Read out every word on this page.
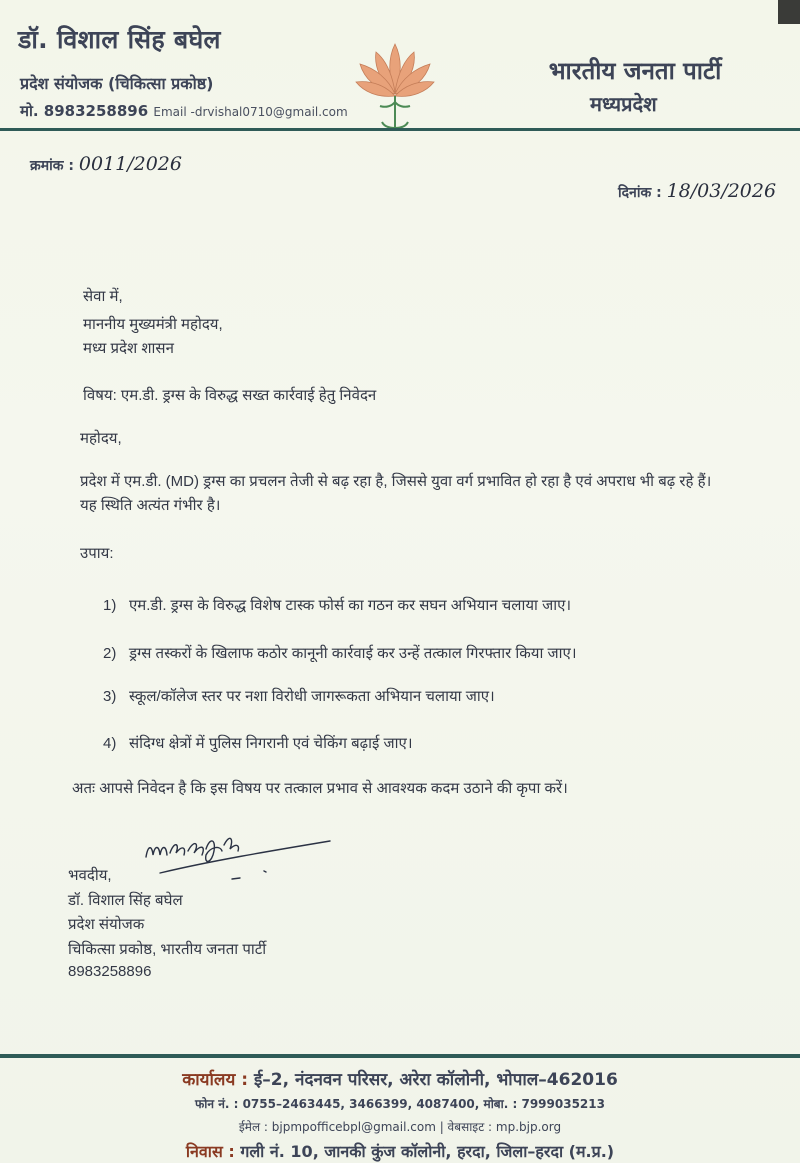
डॉ. विशाल सिंह बघेल
प्रदेश संयोजक (चिकित्सा प्रकोष्ठ)
मो. 8983258896 Email -drvishal0710@gmail.com
भारतीय जनता पार्टी
मध्यप्रदेश
क्रमांक : 0011/2026
दिनांक : 18/03/2026
सेवा में,
माननीय मुख्यमंत्री महोदय,
मध्य प्रदेश शासन
विषय: एम.डी. ड्रग्स के विरुद्ध सख्त कार्रवाई हेतु निवेदन
महोदय,
प्रदेश में एम.डी. (MD) ड्रग्स का प्रचलन तेजी से बढ़ रहा है, जिससे युवा वर्ग प्रभावित हो रहा है एवं अपराध भी बढ़ रहे हैं। यह स्थिति अत्यंत गंभीर है।
उपाय:
1) एम.डी. ड्रग्स के विरुद्ध विशेष टास्क फोर्स का गठन कर सघन अभियान चलाया जाए।
2) ड्रग्स तस्करों के खिलाफ कठोर कानूनी कार्रवाई कर उन्हें तत्काल गिरफ्तार किया जाए।
3) स्कूल/कॉलेज स्तर पर नशा विरोधी जागरूकता अभियान चलाया जाए।
4) संदिग्ध क्षेत्रों में पुलिस निगरानी एवं चेकिंग बढ़ाई जाए।
अतः आपसे निवेदन है कि इस विषय पर तत्काल प्रभाव से आवश्यक कदम उठाने की कृपा करें।
भवदीय,
डॉ. विशाल सिंह बघेल
प्रदेश संयोजक
चिकित्सा प्रकोष्ठ, भारतीय जनता पार्टी
8983258896
कार्यालय : ई–2, नंदनवन परिसर, अरेरा कॉलोनी, भोपाल–462016
फोन नं. : 0755–2463445, 3466399, 4087400, मोबा. : 7999035213
ईमेल : bjpmpofficebpl@gmail.com | वेबसाइट : mp.bjp.org
निवास : गली नं. 10, जानकी कुंज कॉलोनी, हरदा, जिला–हरदा (म.प्र.)
